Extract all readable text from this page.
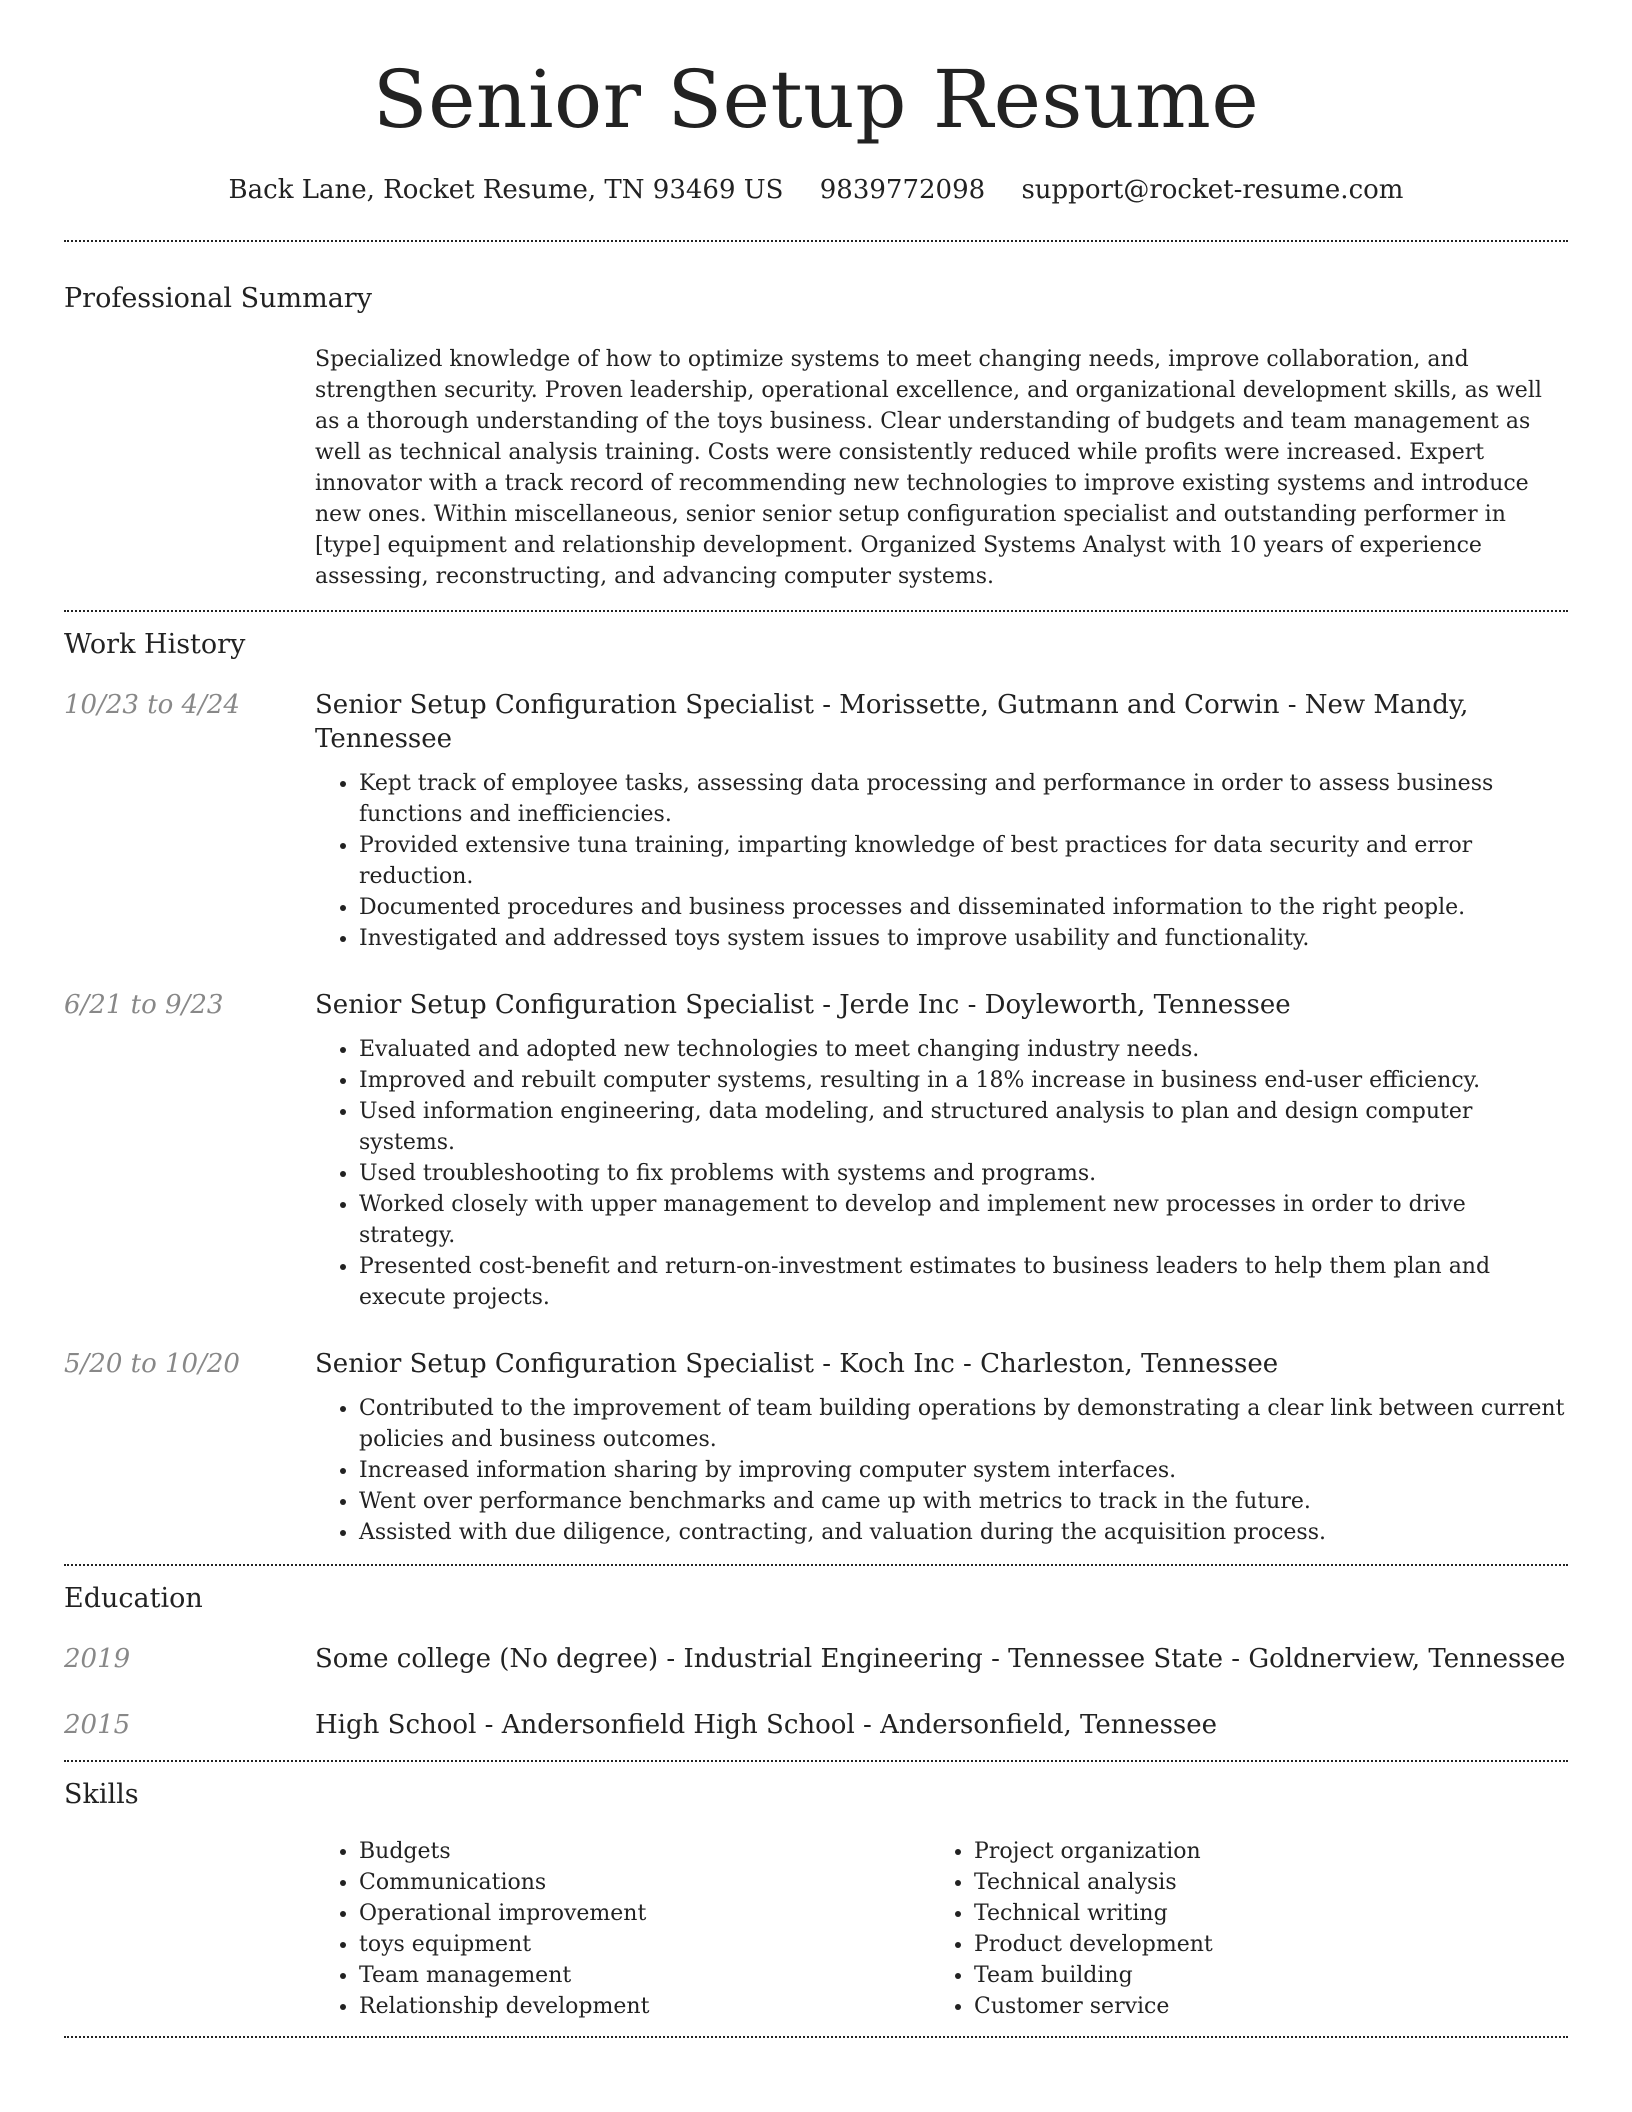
Senior Setup Resume
Back Lane, Rocket Resume, TN 93469 US 9839772098 support@rocket-resume.com
Professional Summary

Specialized knowledge of how to optimize systems to meet changing needs, improve collaboration, and strengthen security. Proven leadership, operational excellence, and organizational development skills, as well as a thorough understanding of the toys business. Clear understanding of budgets and team management as well as technical analysis training. Costs were consistently reduced while profits were increased. Expert innovator with a track record of recommending new technologies to improve existing systems and introduce new ones. Within miscellaneous, senior senior setup configuration specialist and outstanding performer in [type] equipment and relationship development. Organized Systems Analyst with 10 years of experience assessing, reconstructing, and advancing computer systems.

Work History
10/23 to 4/24	Senior Setup Configuration Specialist - Morissette, Gutmann and Corwin - New Mandy, Tennessee
• Kept track of employee tasks, assessing data processing and performance in order to assess business functions and inefficiencies.
• Provided extensive tuna training, imparting knowledge of best practices for data security and error reduction.
• Documented procedures and business processes and disseminated information to the right people.
• Investigated and addressed toys system issues to improve usability and functionality.
6/21 to 9/23	Senior Setup Configuration Specialist - Jerde Inc - Doyleworth, Tennessee
• Evaluated and adopted new technologies to meet changing industry needs.
• Improved and rebuilt computer systems, resulting in a 18% increase in business end-user efficiency.
• Used information engineering, data modeling, and structured analysis to plan and design computer systems.
• Used troubleshooting to fix problems with systems and programs.
• Worked closely with upper management to develop and implement new processes in order to drive strategy.
• Presented cost-benefit and return-on-investment estimates to business leaders to help them plan and execute projects.
5/20 to 10/20	Senior Setup Configuration Specialist - Koch Inc - Charleston, Tennessee
• Contributed to the improvement of team building operations by demonstrating a clear link between current policies and business outcomes.
• Increased information sharing by improving computer system interfaces.
• Went over performance benchmarks and came up with metrics to track in the future.
• Assisted with due diligence, contracting, and valuation during the acquisition process.
Education
2019	Some college (No degree) - Industrial Engineering - Tennessee State - Goldnerview, Tennessee
2015	High School - Andersonfield High School - Andersonfield, Tennessee
Skills
• Budgets
• Communications
• Operational improvement
• toys equipment
• Team management
• Relationship development
• Project organization
• Technical analysis
• Technical writing
• Product development
• Team building
• Customer service
